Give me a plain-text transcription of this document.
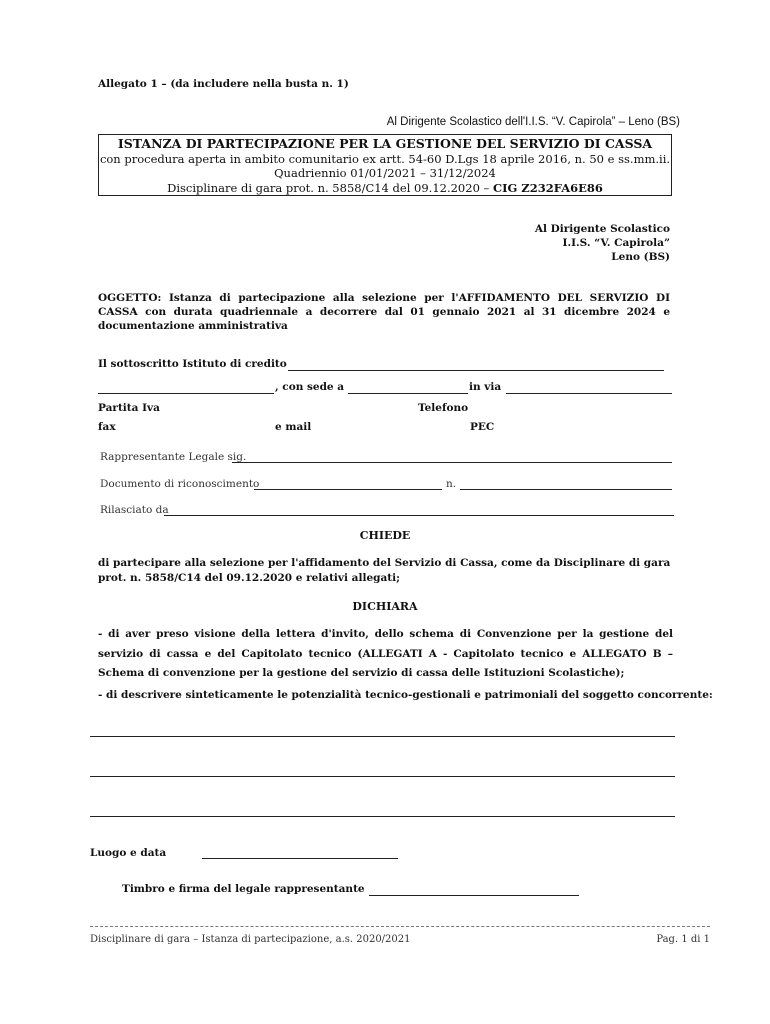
Allegato 1 – (da includere nella busta n. 1)
Al Dirigente Scolastico dell'I.I.S. “V. Capirola” – Leno (BS)
ISTANZA DI PARTECIPAZIONE PER LA GESTIONE DEL SERVIZIO DI CASSA
con procedura aperta in ambito comunitario ex artt. 54-60 D.Lgs 18 aprile 2016, n. 50 e ss.mm.ii.
Quadriennio 01/01/2021 – 31/12/2024
Disciplinare di gara prot. n. 5858/C14 del 09.12.2020 – CIG Z232FA6E86
Al Dirigente Scolastico
I.I.S. “V. Capirola”
Leno (BS)
OGGETTO: Istanza di partecipazione alla selezione per l'AFFIDAMENTO DEL SERVIZIO DI CASSA con durata quadriennale a decorrere dal 01 gennaio 2021 al 31 dicembre 2024 e documentazione amministrativa
Il sottoscritto Istituto di credito
, con sede a	in via
Partita Iva	Telefono
fax	e mail	PEC
Rappresentante Legale sig.
Documento di riconoscimento	n.
Rilasciato da
CHIEDE
di partecipare alla selezione per l'affidamento del Servizio di Cassa, come da Disciplinare di gara prot. n. 5858/C14 del 09.12.2020 e relativi allegati;
DICHIARA
- di aver preso visione della lettera d'invito, dello schema di Convenzione per la gestione del servizio di cassa e del Capitolato tecnico (ALLEGATI A - Capitolato tecnico e ALLEGATO B – Schema di convenzione per la gestione del servizio di cassa delle Istituzioni Scolastiche);
- di descrivere sinteticamente le potenzialità tecnico-gestionali e patrimoniali del soggetto concorrente:
Luogo e data
Timbro e firma del legale rappresentante
Disciplinare di gara – Istanza di partecipazione, a.s. 2020/2021	Pag. 1 di 1
